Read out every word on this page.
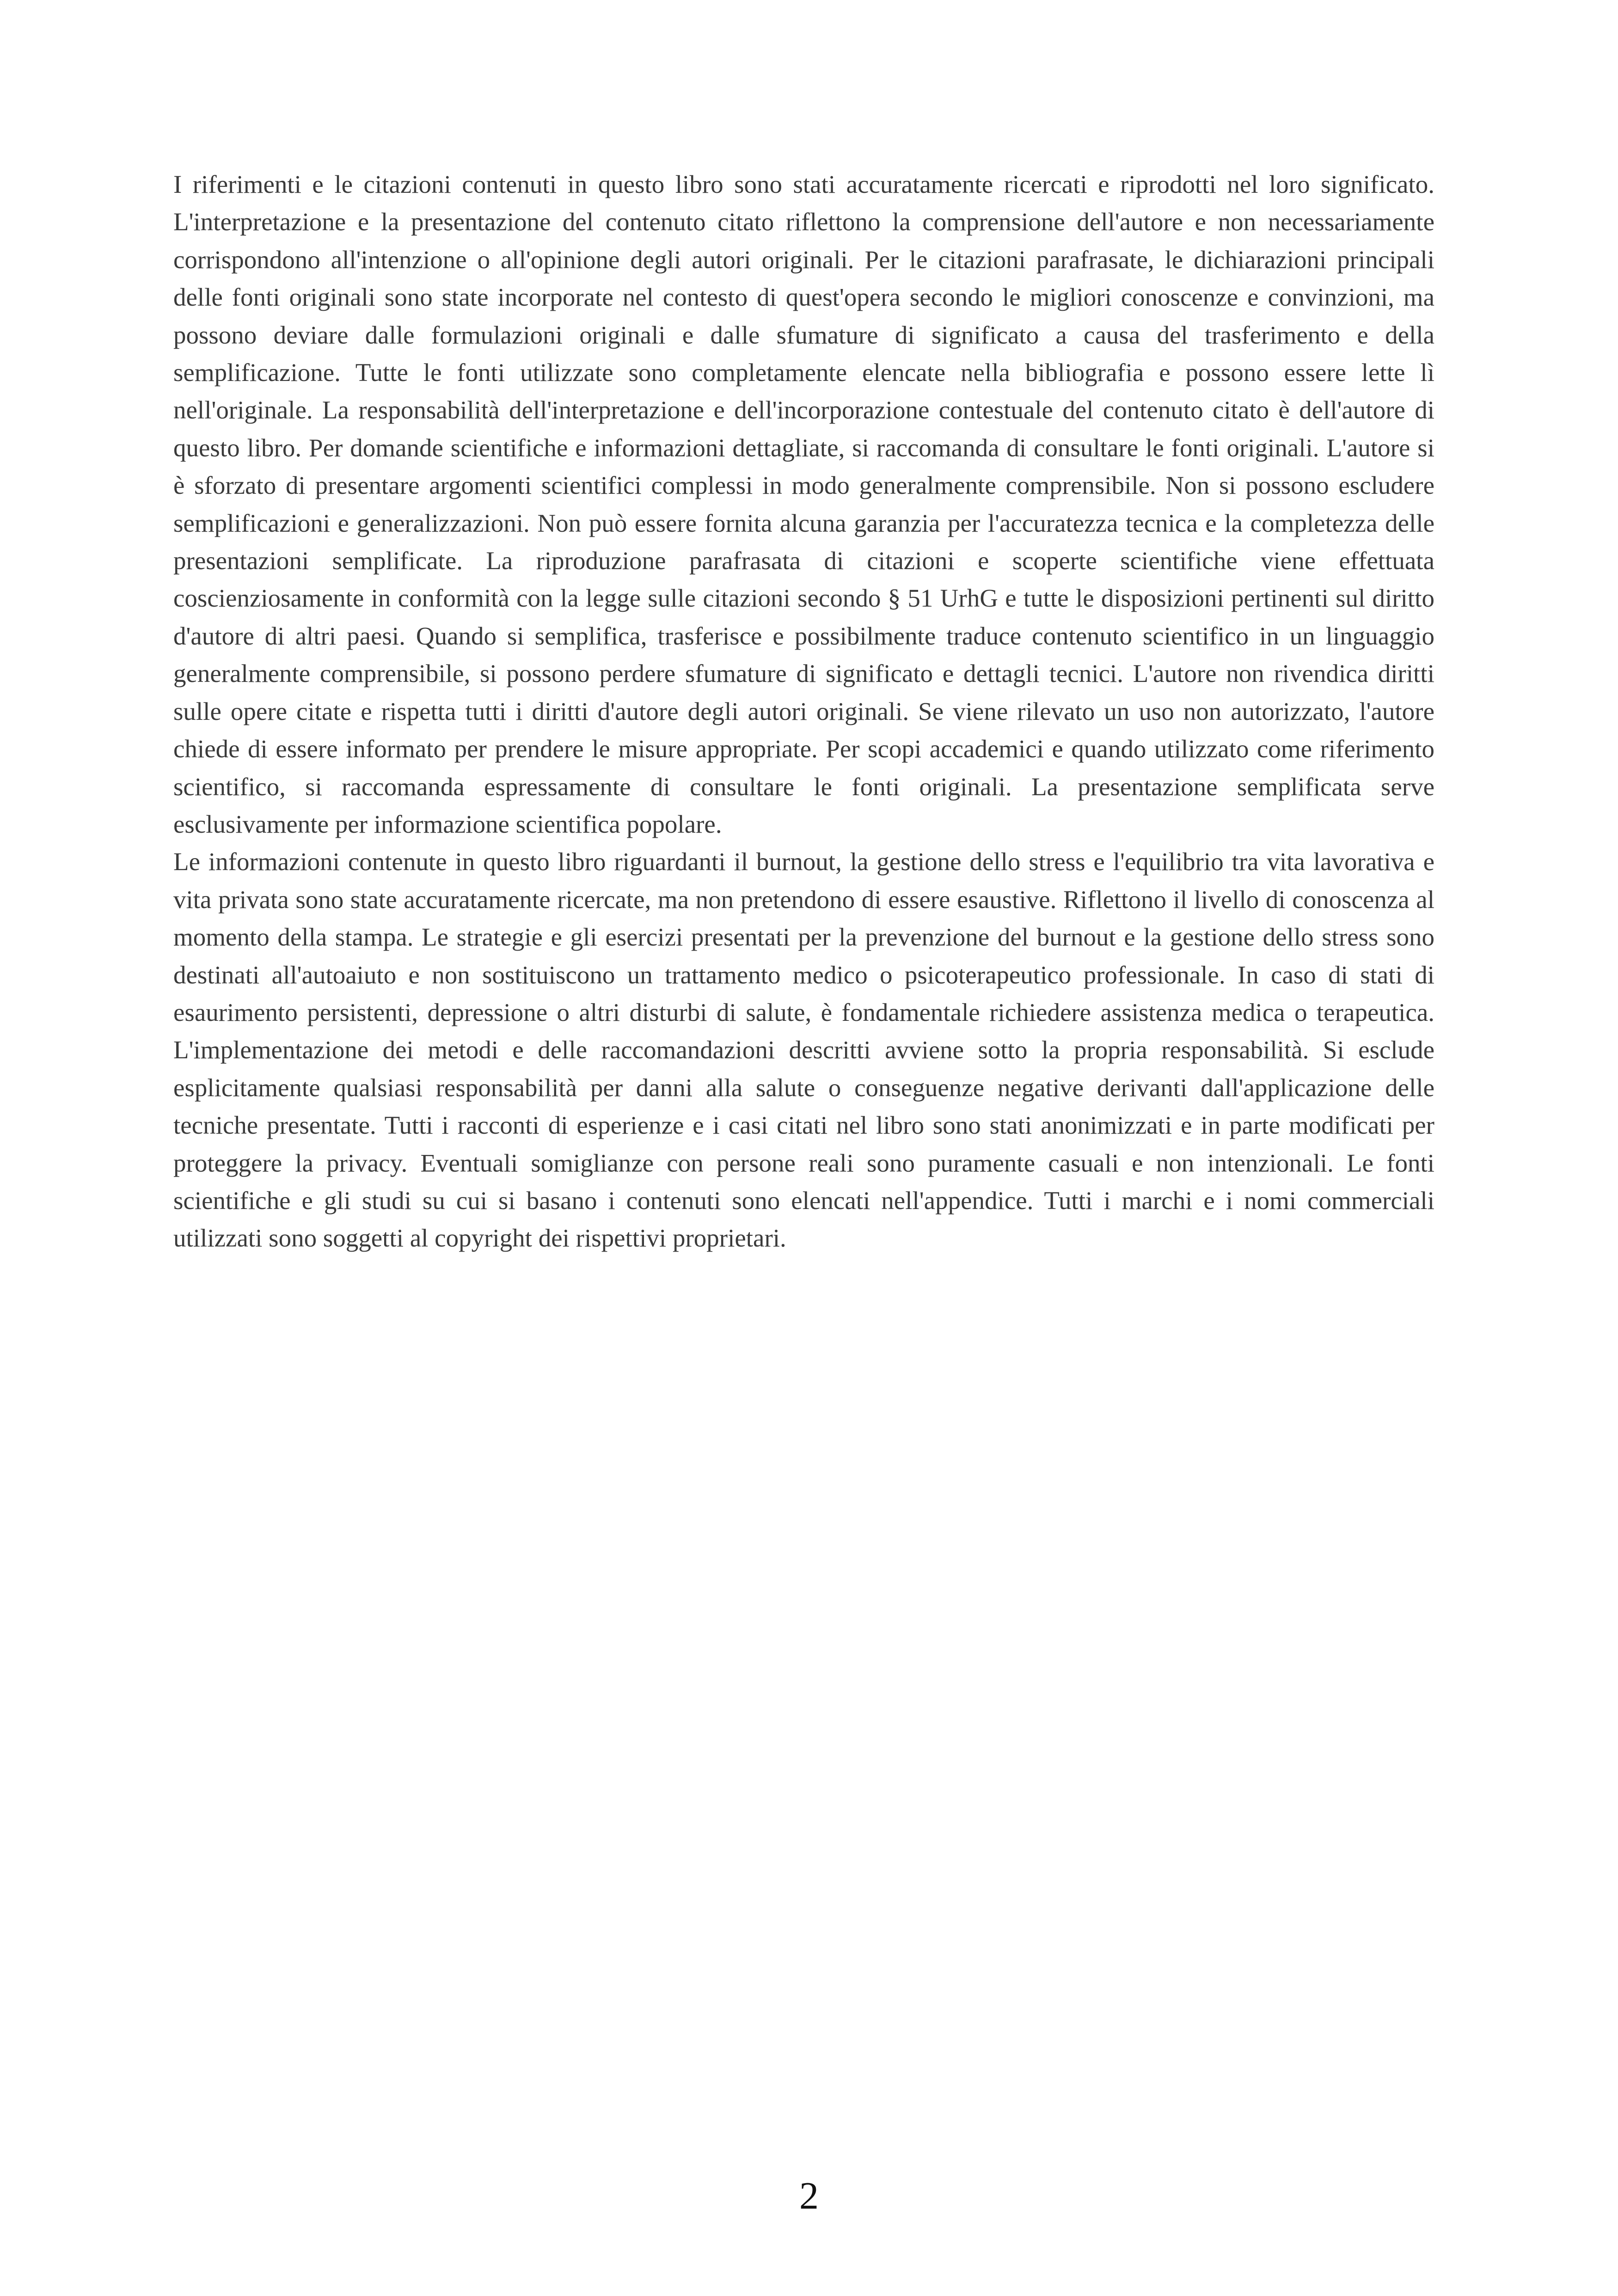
I riferimenti e le citazioni contenuti in questo libro sono stati accuratamente ricercati e riprodotti nel loro significato. L'interpretazione e la presentazione del contenuto citato riflettono la comprensione dell'autore e non necessariamente corrispondono all'intenzione o all'opinione degli autori originali. Per le citazioni parafrasate, le dichiarazioni principali delle fonti originali sono state incorporate nel contesto di quest'opera secondo le migliori conoscenze e convinzioni, ma possono deviare dalle formulazioni originali e dalle sfumature di significato a causa del trasferimento e della semplificazione. Tutte le fonti utilizzate sono completamente elencate nella bibliografia e possono essere lette lì nell'originale. La responsabilità dell'interpretazione e dell'incorporazione contestuale del contenuto citato è dell'autore di questo libro. Per domande scientifiche e informazioni dettagliate, si raccomanda di consultare le fonti originali. L'autore si è sforzato di presentare argomenti scientifici complessi in modo generalmente comprensibile. Non si possono escludere semplificazioni e generalizzazioni. Non può essere fornita alcuna garanzia per l'accuratezza tecnica e la completezza delle presentazioni semplificate. La riproduzione parafrasata di citazioni e scoperte scientifiche viene effettuata coscienziosamente in conformità con la legge sulle citazioni secondo § 51 UrhG e tutte le disposizioni pertinenti sul diritto d'autore di altri paesi. Quando si semplifica, trasferisce e possibilmente traduce contenuto scientifico in un linguaggio generalmente comprensibile, si possono perdere sfumature di significato e dettagli tecnici. L'autore non rivendica diritti sulle opere citate e rispetta tutti i diritti d'autore degli autori originali. Se viene rilevato un uso non autorizzato, l'autore chiede di essere informato per prendere le misure appropriate. Per scopi accademici e quando utilizzato come riferimento scientifico, si raccomanda espressamente di consultare le fonti originali. La presentazione semplificata serve esclusivamente per informazione scientifica popolare.

Le informazioni contenute in questo libro riguardanti il burnout, la gestione dello stress e l'equilibrio tra vita lavorativa e vita privata sono state accuratamente ricercate, ma non pretendono di essere esaustive. Riflettono il livello di conoscenza al momento della stampa. Le strategie e gli esercizi presentati per la prevenzione del burnout e la gestione dello stress sono destinati all'autoaiuto e non sostituiscono un trattamento medico o psicoterapeutico professionale. In caso di stati di esaurimento persistenti, depressione o altri disturbi di salute, è fondamentale richiedere assistenza medica o terapeutica. L'implementazione dei metodi e delle raccomandazioni descritti avviene sotto la propria responsabilità. Si esclude esplicitamente qualsiasi responsabilità per danni alla salute o conseguenze negative derivanti dall'applicazione delle tecniche presentate. Tutti i racconti di esperienze e i casi citati nel libro sono stati anonimizzati e in parte modificati per proteggere la privacy. Eventuali somiglianze con persone reali sono puramente casuali e non intenzionali. Le fonti scientifiche e gli studi su cui si basano i contenuti sono elencati nell'appendice. Tutti i marchi e i nomi commerciali utilizzati sono soggetti al copyright dei rispettivi proprietari.

2
